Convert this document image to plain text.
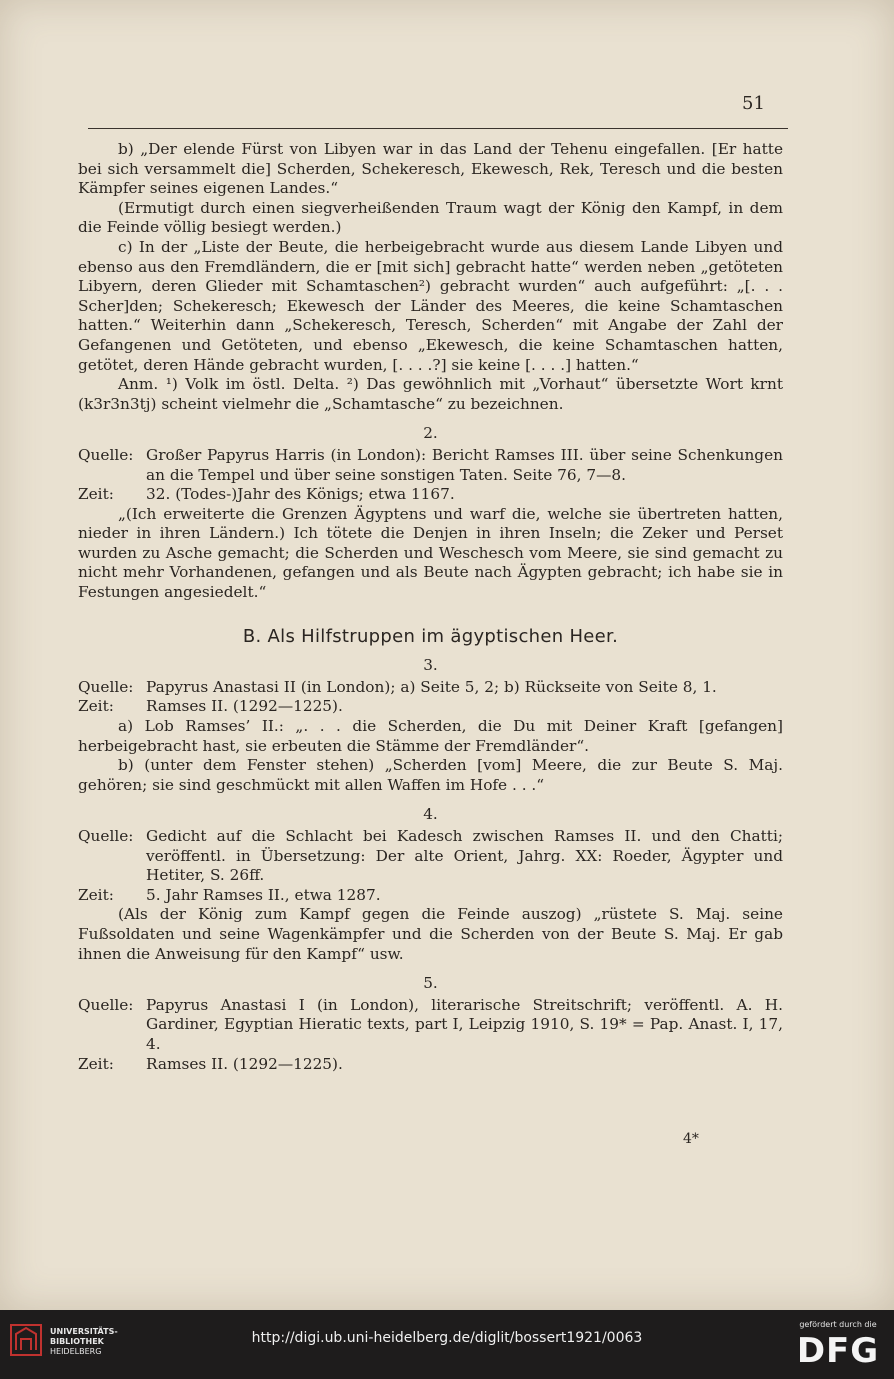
51

b) „Der elende Fürst von Libyen war in das Land der Tehenu eingefallen. [Er hatte bei sich versammelt die] Scherden, Schekeresch, Ekewesch, Rek, Teresch und die besten Kämpfer seines eigenen Landes.“

(Ermutigt durch einen siegverheißenden Traum wagt der König den Kampf, in dem die Feinde völlig besiegt werden.)

c) In der „Liste der Beute, die herbeigebracht wurde aus diesem Lande Libyen und ebenso aus den Fremdländern, die er [mit sich] gebracht hatte“ werden neben „getöteten Libyern, deren Glieder mit Schamtaschen²) gebracht wurden“ auch aufgeführt: „[. . . Scher]den; Schekeresch; Ekewesch der Länder des Meeres, die keine Schamtaschen hatten.“ Weiterhin dann „Schekeresch, Teresch, Scherden“ mit Angabe der Zahl der Gefangenen und Getöteten, und ebenso „Ekewesch, die keine Schamtaschen hatten, getötet, deren Hände gebracht wurden, [. . . .?] sie keine [. . . .] hatten.“

Anm. ¹) Volk im östl. Delta. ²) Das gewöhnlich mit „Vorhaut“ übersetzte Wort krnt (k3r3n3tj) scheint vielmehr die „Schamtasche“ zu bezeichnen.

2.
Quelle: Großer Papyrus Harris (in London): Bericht Ramses III. über seine Schenkungen an die Tempel und über seine sonstigen Taten. Seite 76, 7—8.
Zeit:	32. (Todes-)Jahr des Königs; etwa 1167.

„(Ich erweiterte die Grenzen Ägyptens und warf die, welche sie übertreten hatten, nieder in ihren Ländern.) Ich tötete die Denjen in ihren Inseln; die Zeker und Perset wurden zu Asche gemacht; die Scherden und Weschesch vom Meere, sie sind gemacht zu nicht mehr Vorhandenen, gefangen und als Beute nach Ägypten gebracht; ich habe sie in Festungen angesiedelt.“

B. Als Hilfstruppen im ägyptischen Heer.
3.
Quelle: Papyrus Anastasi II (in London); a) Seite 5, 2; b) Rückseite von Seite 8, 1.
Zeit:	Ramses II. (1292—1225).

a) Lob Ramses’ II.: „. . . die Scherden, die Du mit Deiner Kraft [gefangen] herbeigebracht hast, sie erbeuten die Stämme der Fremdländer“.

b) (unter dem Fenster stehen) „Scherden [vom] Meere, die zur Beute S. Maj. gehören; sie sind geschmückt mit allen Waffen im Hofe . . .“

4.
Quelle: Gedicht auf die Schlacht bei Kadesch zwischen Ramses II. und den Chatti; veröffentl. in Übersetzung: Der alte Orient, Jahrg. XX: Roeder, Ägypter und Hetiter, S. 26ff.
Zeit:	5. Jahr Ramses II., etwa 1287.

(Als der König zum Kampf gegen die Feinde auszog) „rüstete S. Maj. seine Fußsoldaten und seine Wagenkämpfer und die Scherden von der Beute S. Maj. Er gab ihnen die Anweisung für den Kampf“ usw.

5.
Quelle: Papyrus Anastasi I (in London), literarische Streitschrift; veröffentl. A. H. Gardiner, Egyptian Hieratic texts, part I, Leipzig 1910, S. 19* = Pap. Anast. I, 17, 4.
Zeit:	Ramses II. (1292—1225).
4*
UNIVERSITÄTS-
BIBLIOTHEK
HEIDELBERG
http://digi.ub.uni-heidelberg.de/diglit/bossert1921/0063
gefördert durch die
DFG
